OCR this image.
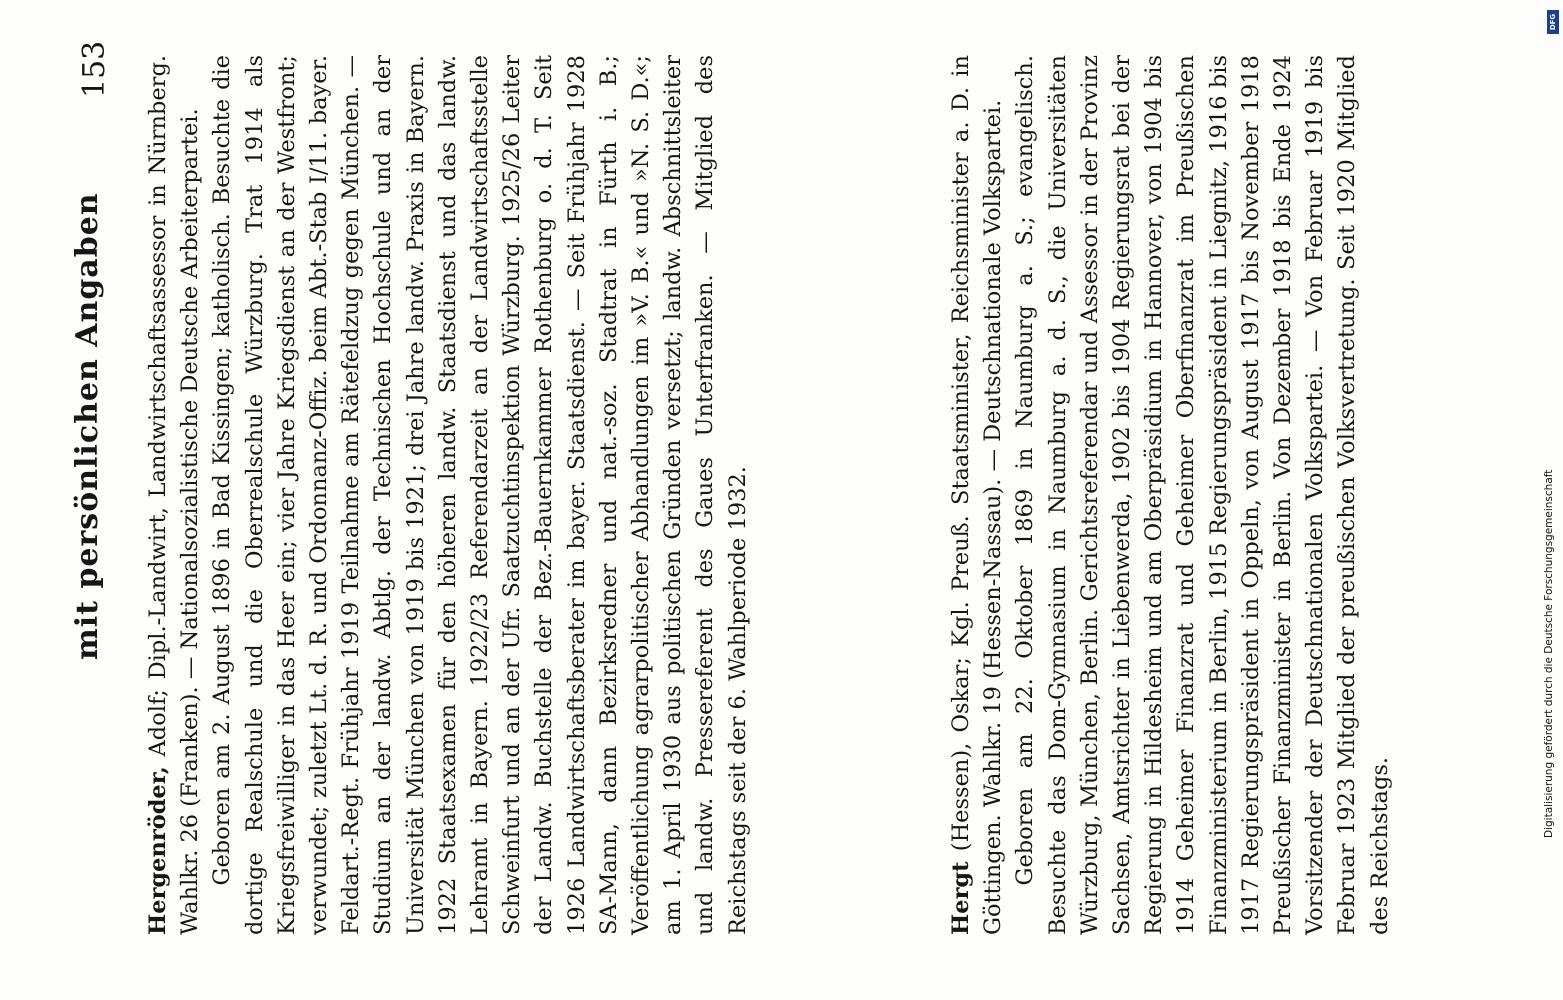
153
mit persönlichen Angaben

Hergenröder, Adolf; Dipl.-Landwirt, Landwirtschaftsassessor in Nürnberg. Wahlkr. 26 (Franken). — Nationalsozialistische Deutsche Arbeiterpartei. Geboren am 2. August 1896 in Bad Kissingen; katholisch. Besuchte die dortige Realschule und die Oberrealschule Würzburg. Trat 1914 als Kriegsfreiwilliger in das Heer ein; vier Jahre Kriegsdienst an der Westfront; verwundet; zuletzt Lt. d. R. und Ordonnanz-Offiz. beim Abt.-Stab I/11. bayer. Feldart.-Regt. Frühjahr 1919 Teilnahme am Rätefeldzug gegen München. — Studium an der landw. Abtlg. der Technischen Hochschule und an der Universität München von 1919 bis 1921; drei Jahre landw. Praxis in Bayern. 1922 Staatsexamen für den höheren landw. Staatsdienst und das landw. Lehramt in Bayern. 1922/23 Referendarzeit an der Landwirtschaftsstelle Schweinfurt und an der Ufr. Saatzuchtinspektion Würzburg. 1925/26 Leiter der Landw. Buchstelle der Bez.-Bauernkammer Rothenburg o. d. T. Seit 1926 Landwirtschaftsberater im bayer. Staatsdienst. — Seit Frühjahr 1928 SA-Mann, dann Bezirksredner und nat.-soz. Stadtrat in Fürth i. B.; Veröffentlichung agrarpolitischer Abhandlungen im »V. B.« und »N. S. D.«; am 1. April 1930 aus politischen Gründen versetzt; landw. Abschnittsleiter und landw. Pressereferent des Gaues Unterfranken. — Mitglied des Reichstags seit der 6. Wahlperiode 1932.	Hergt (Hessen), Oskar; Kgl. Preuß. Staatsminister, Reichsminister a. D. in Göttingen. Wahlkr. 19 (Hessen-Nassau). — Deutschnationale Volkspartei. Geboren am 22. Oktober 1869 in Naumburg a. S.; evangelisch. Besuchte das Dom-Gymnasium in Naumburg a. d. S., die Universitäten Würzburg, München, Berlin. Gerichtsreferendar und Assessor in der Provinz Sachsen, Amtsrichter in Liebenwerda, 1902 bis 1904 Regierungsrat bei der Regierung in Hildesheim und am Oberpräsidium in Hannover, von 1904 bis 1914 Geheimer Finanzrat und Geheimer Oberfinanzrat im Preußischen Finanzministerium in Berlin, 1915 Regierungspräsident in Liegnitz, 1916 bis 1917 Regierungspräsident in Oppeln, von August 1917 bis November 1918 Preußischer Finanzminister in Berlin. Von Dezember 1918 bis Ende 1924 Vorsitzender der Deutschnationalen Volkspartei. — Von Februar 1919 bis Februar 1923 Mitglied der preußischen Volksvertretung. Seit 1920 Mitglied des Reichstags.

Digitalisierung gefördert durch die Deutsche Forschungsgemeinschaft
DFG
